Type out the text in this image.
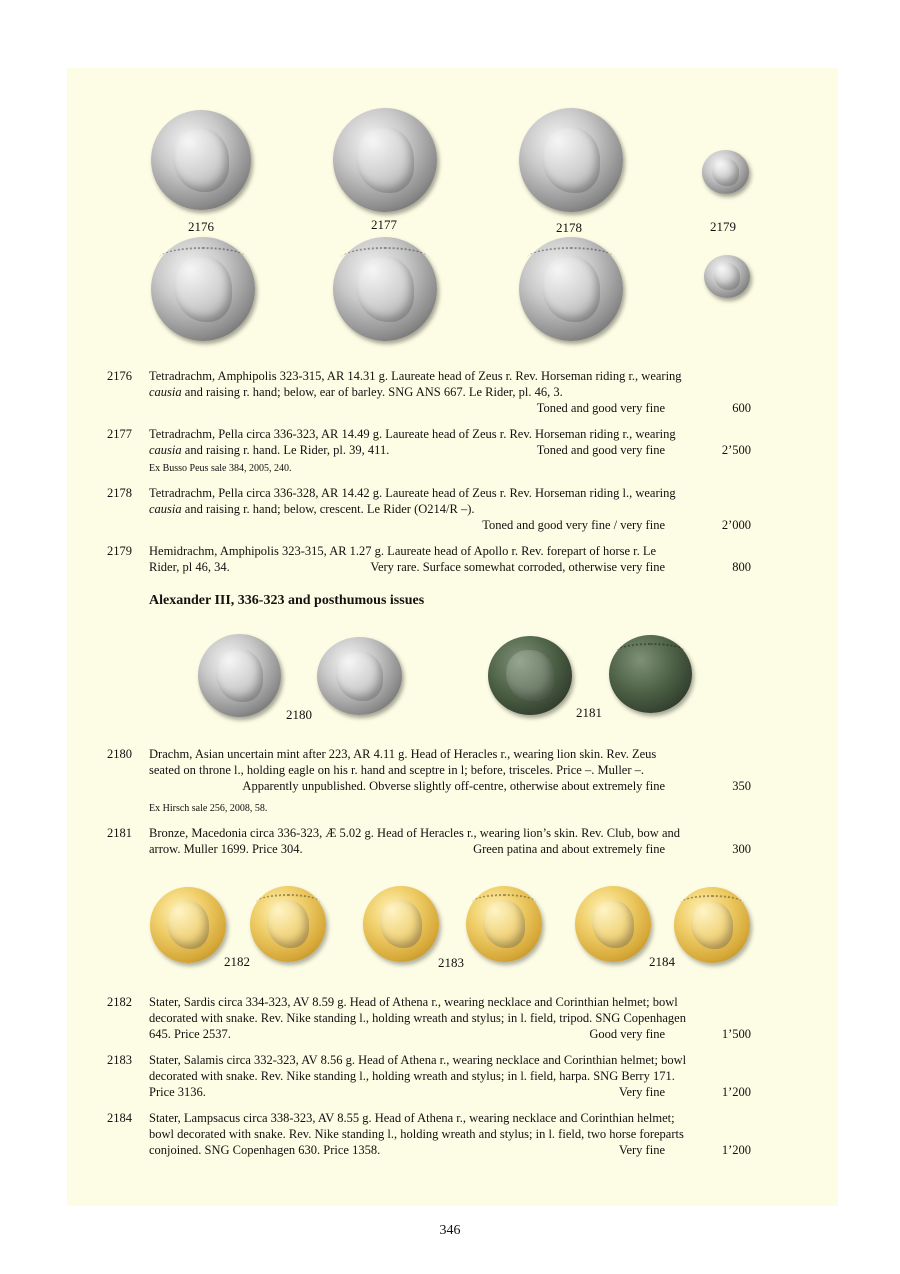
2176	2177	2178	2179
2176 Tetradrachm, Amphipolis 323-315, AR 14.31 g. Laureate head of Zeus r. Rev. Horseman riding r., wearing
causia and raising r. hand; below, ear of barley. SNG ANS 667. Le Rider, pl. 46, 3.
Toned and good very fine	600
2177 Tetradrachm, Pella circa 336-323, AR 14.49 g. Laureate head of Zeus r. Rev. Horseman riding r., wearing
causia and raising r. hand. Le Rider, pl. 39, 411.	Toned and good very fine	2’500
Ex Busso Peus sale 384, 2005, 240.
2178 Tetradrachm, Pella circa 336-328, AR 14.42 g. Laureate head of Zeus r. Rev. Horseman riding l., wearing
causia and raising r. hand; below, crescent. Le Rider (O214/R –).
Toned and good very fine / very fine	2’000
2179 Hemidrachm, Amphipolis 323-315, AR 1.27 g. Laureate head of Apollo r. Rev. forepart of horse r. Le
Rider, pl 46, 34.	Very rare. Surface somewhat corroded, otherwise very fine	800
Alexander III, 336-323 and posthumous issues
2180	2181
2180 Drachm, Asian uncertain mint after 223, AR 4.11 g. Head of Heracles r., wearing lion skin. Rev. Zeus
seated on throne l., holding eagle on his r. hand and sceptre in l; before, trisceles. Price –. Muller –.
Apparently unpublished. Obverse slightly off-centre, otherwise about extremely fine	350
Ex Hirsch sale 256, 2008, 58.
2181 Bronze, Macedonia circa 336-323, Æ 5.02 g. Head of Heracles r., wearing lion’s skin. Rev. Club, bow and
arrow. Muller 1699. Price 304.	Green patina and about extremely fine	300
2182	2183	2184
2182 Stater, Sardis circa 334-323, AV 8.59 g. Head of Athena r., wearing necklace and Corinthian helmet; bowl
decorated with snake. Rev. Nike standing l., holding wreath and stylus; in l. field, tripod. SNG Copenhagen
645. Price 2537.	Good very fine	1’500
2183 Stater, Salamis circa 332-323, AV 8.56 g. Head of Athena r., wearing necklace and Corinthian helmet; bowl
decorated with snake. Rev. Nike standing l., holding wreath and stylus; in l. field, harpa. SNG Berry 171.
Price 3136.	Very fine	1’200
2184 Stater, Lampsacus circa 338-323, AV 8.55 g. Head of Athena r., wearing necklace and Corinthian helmet;
bowl decorated with snake. Rev. Nike standing l., holding wreath and stylus; in l. field, two horse foreparts
conjoined. SNG Copenhagen 630. Price 1358.	Very fine	1’200
346
